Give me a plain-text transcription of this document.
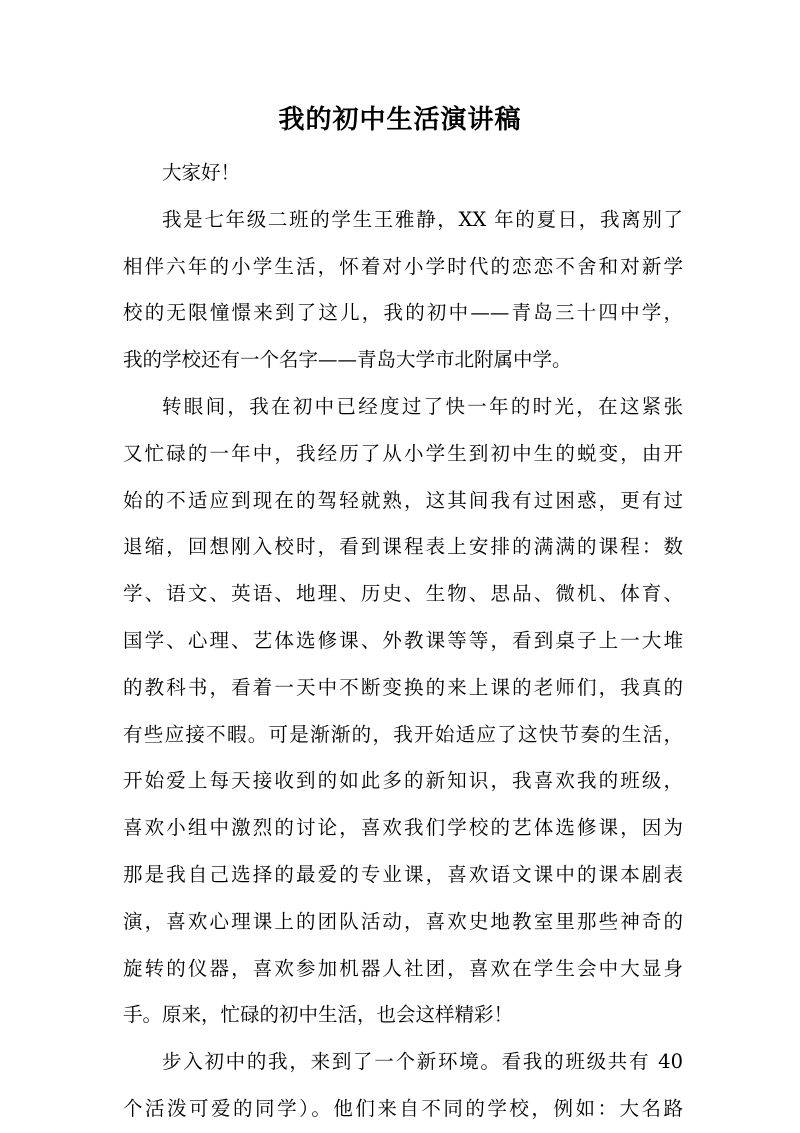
我的初中生活演讲稿
大家好！
我是七年级二班的学生王雅静，XX 年的夏日，我离别了
相伴六年的小学生活，怀着对小学时代的恋恋不舍和对新学
校的无限憧憬来到了这儿，我的初中——青岛三十四中学，
我的学校还有一个名字——青岛大学市北附属中学。
转眼间，我在初中已经度过了快一年的时光，在这紧张
又忙碌的一年中，我经历了从小学生到初中生的蜕变，由开
始的不适应到现在的驾轻就熟，这其间我有过困惑，更有过
退缩，回想刚入校时，看到课程表上安排的满满的课程：数
学、语文、英语、地理、历史、生物、思品、微机、体育、
国学、心理、艺体选修课、外教课等等，看到桌子上一大堆
的教科书，看着一天中不断变换的来上课的老师们，我真的
有些应接不暇。可是渐渐的，我开始适应了这快节奏的生活，
开始爱上每天接收到的如此多的新知识，我喜欢我的班级，
喜欢小组中激烈的讨论，喜欢我们学校的艺体选修课，因为
那是我自己选择的最爱的专业课，喜欢语文课中的课本剧表
演，喜欢心理课上的团队活动，喜欢史地教室里那些神奇的
旋转的仪器，喜欢参加机器人社团，喜欢在学生会中大显身
手。原来，忙碌的初中生活，也会这样精彩！
步入初中的我，来到了一个新环境。看我的班级共有 40
个活泼可爱的同学）。他们来自不同的学校，例如：大名路
